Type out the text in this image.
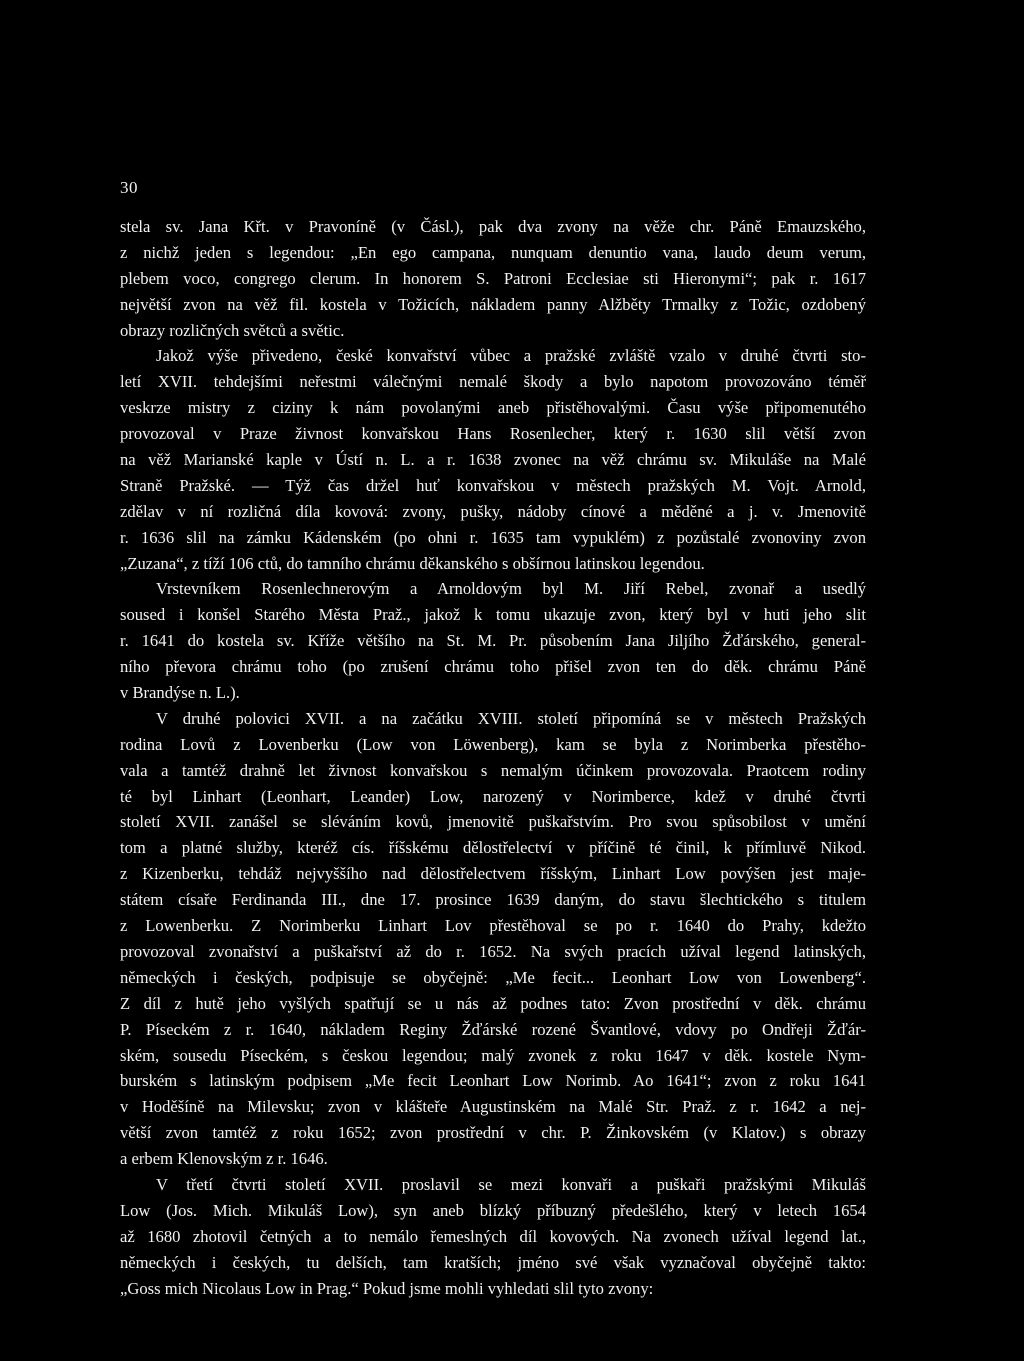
30
stela sv. Jana Křt. v Pravoníně (v Čásl.), pak dva zvony na věže chr. Páně Emauzského,
z nichž jeden s legendou: „En ego campana, nunquam denuntio vana, laudo deum verum,
plebem voco, congrego clerum. In honorem S. Patroni Ecclesiae sti Hieronymi“; pak r. 1617
největší zvon na věž fil. kostela v Tožicích, nákladem panny Alžběty Trmalky z Tožic, ozdobený
obrazy rozličných světců a světic.
Jakož výše přivedeno, české konvařství vůbec a pražské zvláště vzalo v druhé čtvrti sto-
letí XVII. tehdejšími neřestmi válečnými nemalé škody a bylo napotom provozováno téměř
veskrze mistry z ciziny k nám povolanými aneb přistěhovalými. Času výše připomenutého
provozoval v Praze živnost konvařskou Hans Rosenlecher, který r. 1630 slil větší zvon
na věž Marianské kaple v Ústí n. L. a r. 1638 zvonec na věž chrámu sv. Mikuláše na Malé
Straně Pražské. — Týž čas držel huť konvařskou v městech pražských M. Vojt. Arnold,
zdělav v ní rozličná díla kovová: zvony, pušky, nádoby cínové a měděné a j. v. Jmenovitě
r. 1636 slil na zámku Kádenském (po ohni r. 1635 tam vypuklém) z pozůstalé zvonoviny zvon
„Zuzana“, z tíží 106 ctů, do tamního chrámu děkanského s obšírnou latinskou legendou.
Vrstevníkem Rosenlechnerovým a Arnoldovým byl M. Jiří Rebel, zvonař a usedlý
soused i konšel Starého Města Praž., jakož k tomu ukazuje zvon, který byl v huti jeho slit
r. 1641 do kostela sv. Kříže většího na St. M. Pr. působením Jana Jiljího Žďárského, general-
ního převora chrámu toho (po zrušení chrámu toho přišel zvon ten do děk. chrámu Páně
v Brandýse n. L.).
V druhé polovici XVII. a na začátku XVIII. století připomíná se v městech Pražských
rodina Lovů z Lovenberku (Low von Löwenberg), kam se byla z Norimberka přestěho-
vala a tamtéž drahně let živnost konvařskou s nemalým účinkem provozovala. Praotcem rodiny
té byl Linhart (Leonhart, Leander) Low, narozený v Norimberce, kdež v druhé čtvrti
století XVII. zanášel se sléváním kovů, jmenovitě puškařstvím. Pro svou spůsobilost v umění
tom a platné služby, kteréž cís. říšskému dělostřelectví v příčině té činil, k přímluvě Nikod.
z Kizenberku, tehdáž nejvyššího nad dělostřelectvem říšským, Linhart Low povýšen jest maje-
státem císaře Ferdinanda III., dne 17. prosince 1639 daným, do stavu šlechtického s titulem
z Lowenberku. Z Norimberku Linhart Lov přestěhoval se po r. 1640 do Prahy, kdežto
provozoval zvonařství a puškařství až do r. 1652. Na svých pracích užíval legend latinských,
německých i českých, podpisuje se obyčejně: „Me fecit... Leonhart Low von Lowenberg“.
Z díl z hutě jeho vyšlých spatřují se u nás až podnes tato: Zvon prostřední v děk. chrámu
P. Píseckém z r. 1640, nákladem Reginy Žďárské rozené Švantlové, vdovy po Ondřeji Žďár-
ském, sousedu Píseckém, s českou legendou; malý zvonek z roku 1647 v děk. kostele Nym-
burském s latinským podpisem „Me fecit Leonhart Low Norimb. Ao 1641“; zvon z roku 1641
v Hoděšíně na Milevsku; zvon v klášteře Augustinském na Malé Str. Praž. z r. 1642 a nej-
větší zvon tamtéž z roku 1652; zvon prostřední v chr. P. Žinkovském (v Klatov.) s obrazy
a erbem Klenovským z r. 1646.
V třetí čtvrti století XVII. proslavil se mezi konvaři a puškaři pražskými Mikuláš
Low (Jos. Mich. Mikuláš Low), syn aneb blízký příbuzný předešlého, který v letech 1654
až 1680 zhotovil četných a to nemálo řemeslných díl kovových. Na zvonech užíval legend lat.,
německých i českých, tu delších, tam kratších; jméno své však vyznačoval obyčejně takto:
„Goss mich Nicolaus Low in Prag.“ Pokud jsme mohli vyhledati slil tyto zvony:
